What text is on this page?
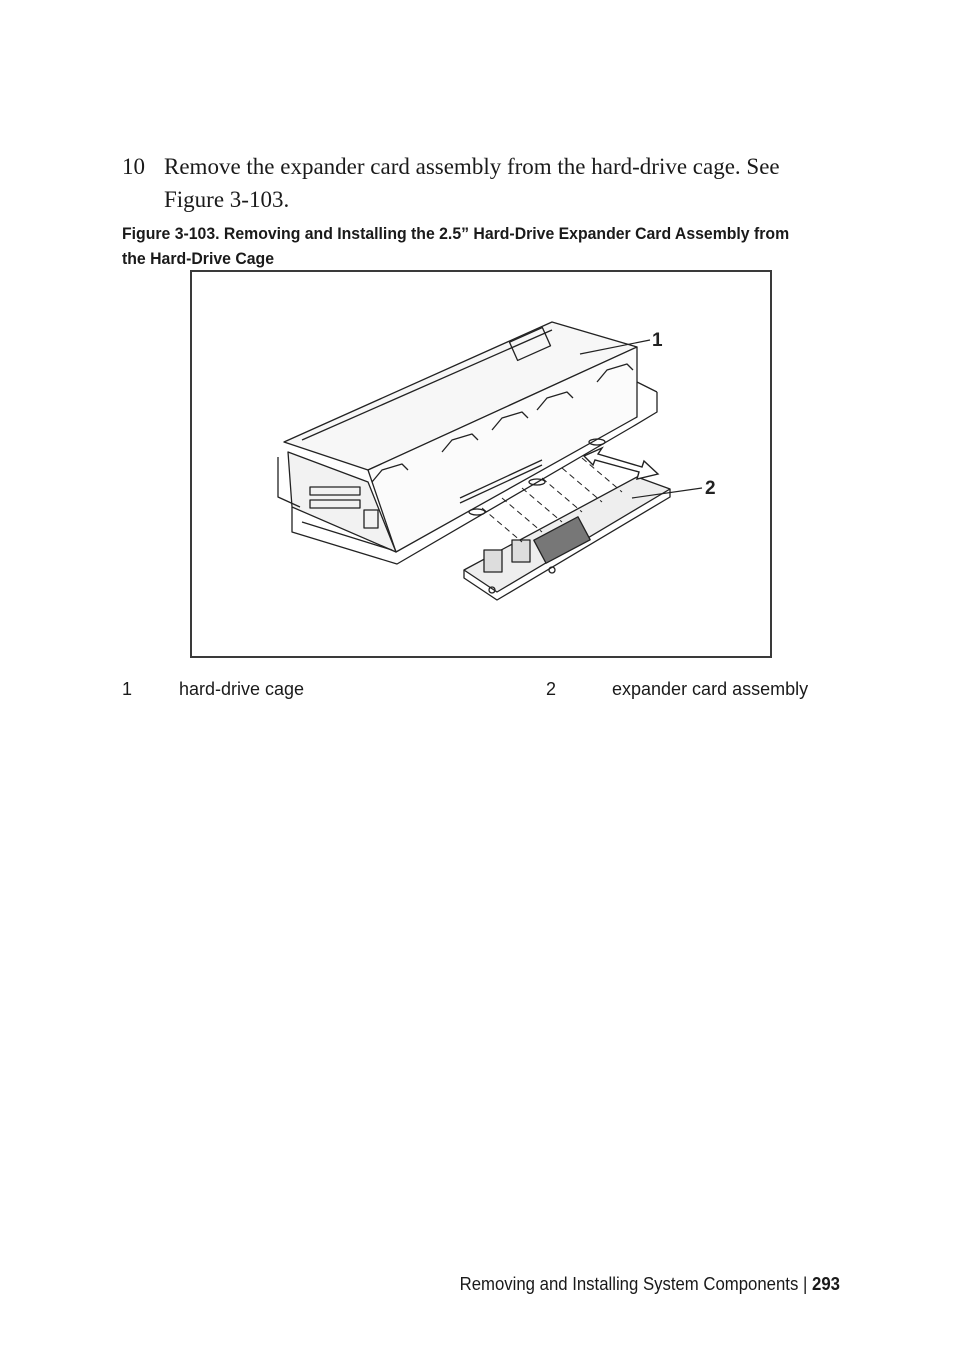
10 Remove the expander card assembly from the hard-drive cage. See Figure 3-103.
Figure 3-103. Removing and Installing the 2.5” Hard-Drive Expander Card Assembly from the Hard-Drive Cage
1
2
1	hard-drive cage	2	expander card assembly
Removing and Installing System Components | 293
